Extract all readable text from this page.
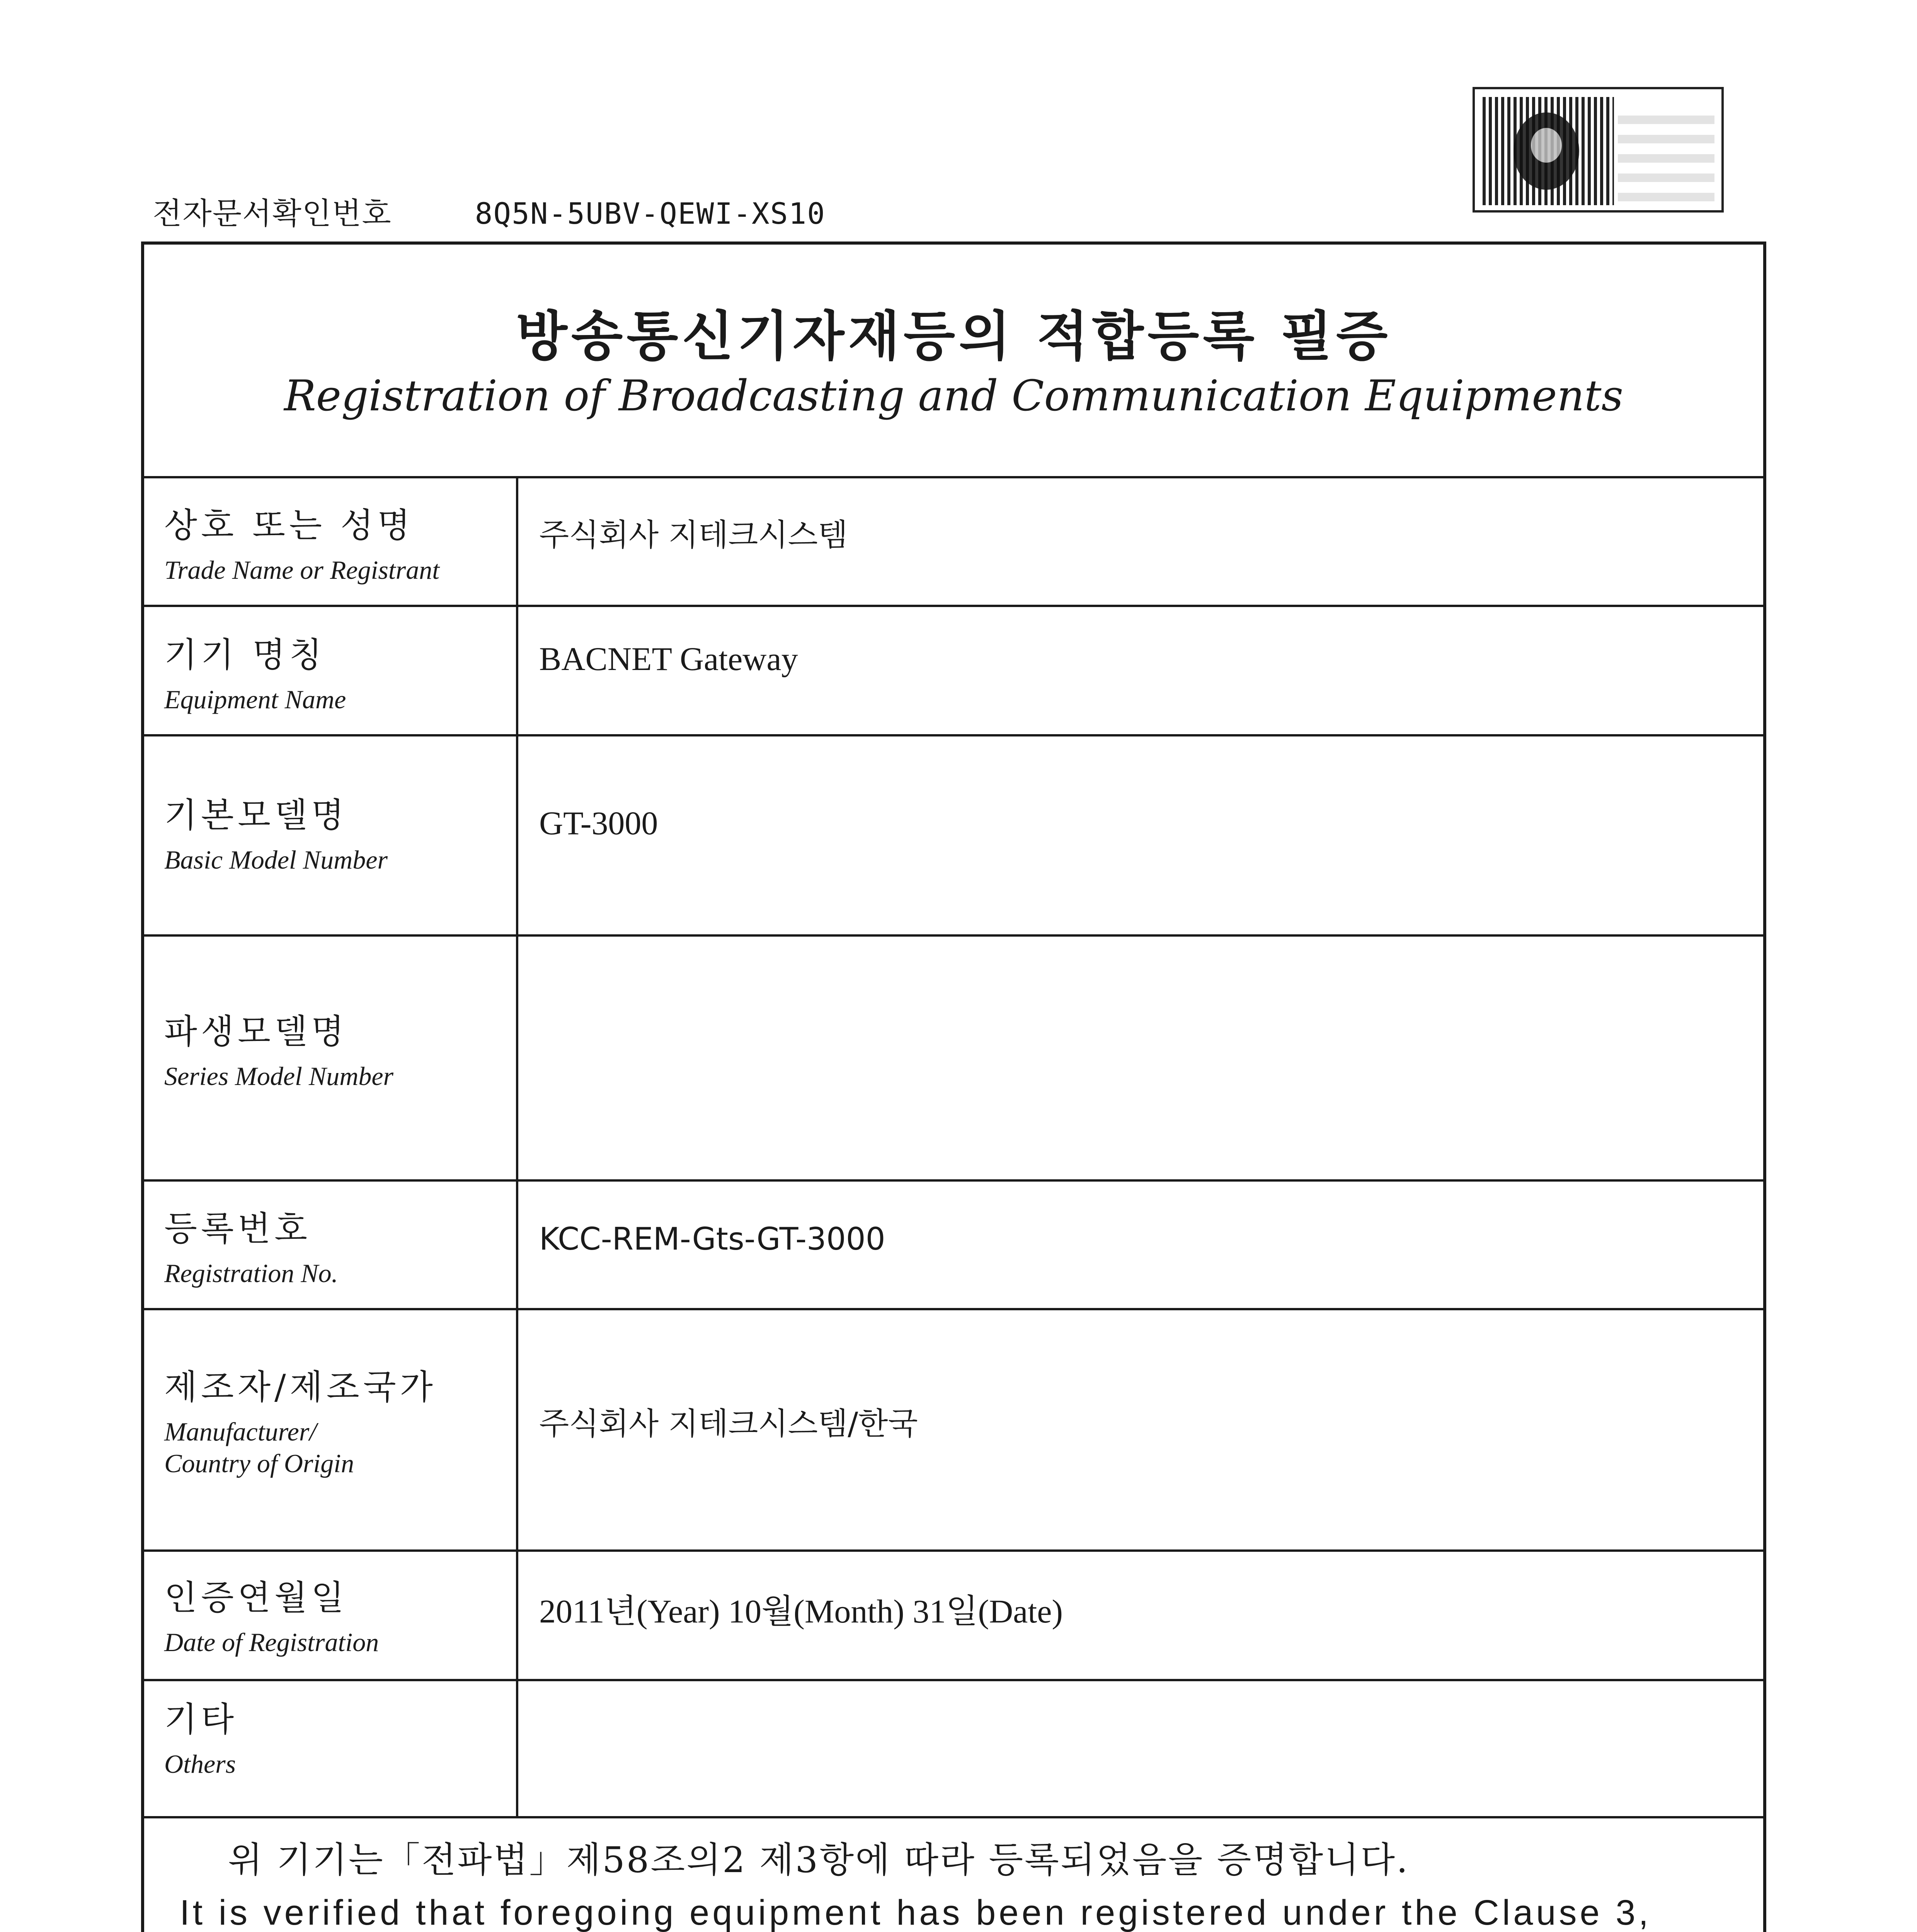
전자문서확인번호	8Q5N-5UBV-QEWI-XS10
방송통신기자재등의 적합등록 필증
Registration of Broadcasting and Communication Equipments
상호 또는 성명
Trade Name or Registrant
주식회사 지테크시스템
기기 명칭
Equipment Name
BACNET Gateway
기본모델명
Basic Model Number
GT-3000
파생모델명
Series Model Number
등록번호
Registration No.
KCC-REM-Gts-GT-3000
제조자/제조국가
Manufacturer/
Country of Origin
주식회사 지테크시스템/한국
인증연월일
Date of Registration
2011년(Year) 10월(Month) 31일(Date)
기타
Others
위 기기는「전파법」제58조의2 제3항에 따라 등록되었음을 증명합니다.
It is verified that foregoing equipment has been registered under the Clause 3,
